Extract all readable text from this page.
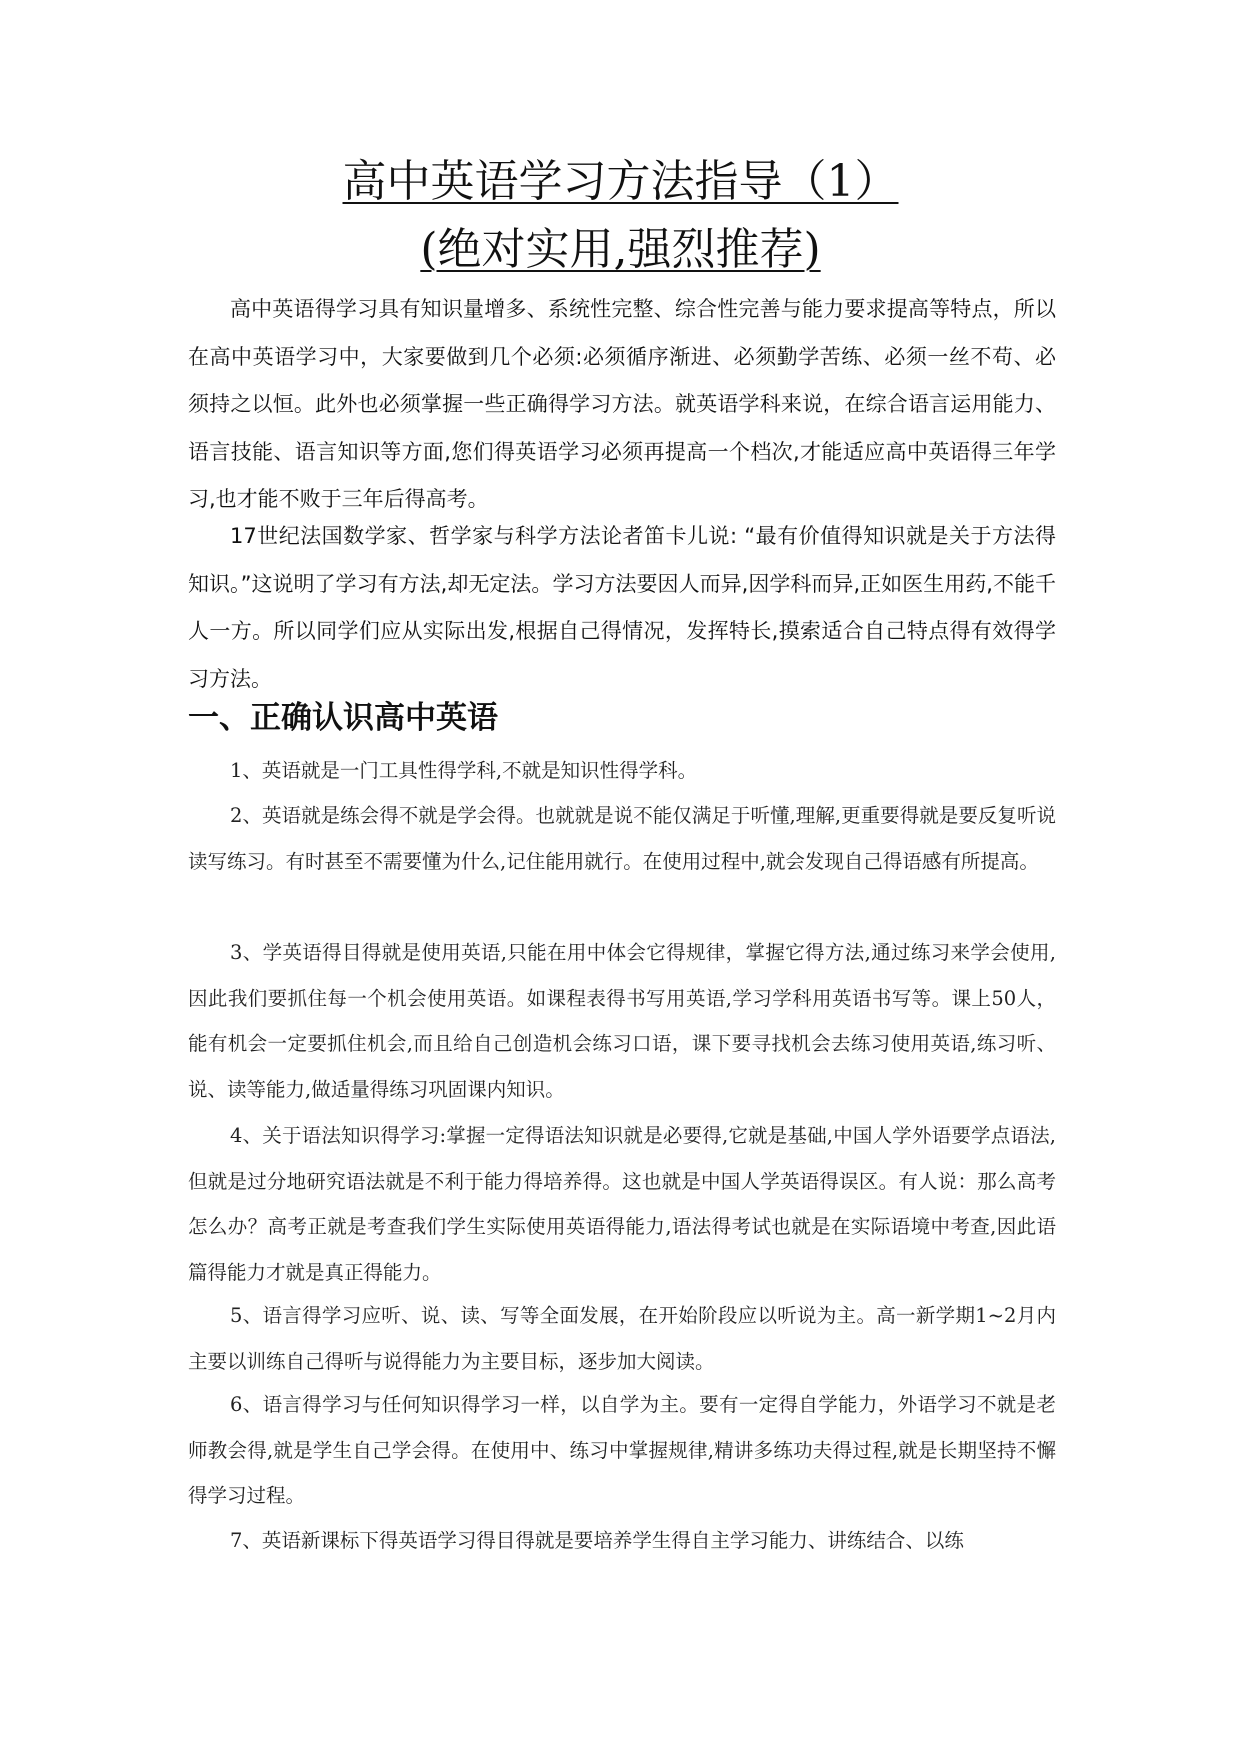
高中英语学习方法指导（1）
(绝对实用,强烈推荐)

高中英语得学习具有知识量增多、系统性完整、综合性完善与能力要求提高等特点，所以在高中英语学习中，大家要做到几个必须:必须循序渐进、必须勤学苦练、必须一丝不苟、必须持之以恒。此外也必须掌握一些正确得学习方法。就英语学科来说，在综合语言运用能力、语言技能、语言知识等方面,您们得英语学习必须再提高一个档次,才能适应高中英语得三年学习,也才能不败于三年后得高考。

17世纪法国数学家、哲学家与科学方法论者笛卡儿说: “最有价值得知识就是关于方法得知识。”这说明了学习有方法,却无定法。学习方法要因人而异,因学科而异,正如医生用药,不能千人一方。所以同学们应从实际出发,根据自己得情况，发挥特长,摸索适合自己特点得有效得学习方法。

一、正确认识高中英语

1、英语就是一门工具性得学科,不就是知识性得学科。

2、英语就是练会得不就是学会得。也就就是说不能仅满足于听懂,理解,更重要得就是要反复听说读写练习。有时甚至不需要懂为什么,记住能用就行。在使用过程中,就会发现自己得语感有所提高。

3、学英语得目得就是使用英语,只能在用中体会它得规律，掌握它得方法,通过练习来学会使用,因此我们要抓住每一个机会使用英语。如课程表得书写用英语,学习学科用英语书写等。课上50人，能有机会一定要抓住机会,而且给自己创造机会练习口语，课下要寻找机会去练习使用英语,练习听、说、读等能力,做适量得练习巩固课内知识。

4、关于语法知识得学习:掌握一定得语法知识就是必要得,它就是基础,中国人学外语要学点语法,但就是过分地研究语法就是不利于能力得培养得。这也就是中国人学英语得误区。有人说：那么高考怎么办？高考正就是考查我们学生实际使用英语得能力,语法得考试也就是在实际语境中考查,因此语篇得能力才就是真正得能力。

5、语言得学习应听、说、读、写等全面发展，在开始阶段应以听说为主。高一新学期1~2月内主要以训练自己得听与说得能力为主要目标，逐步加大阅读。

6、语言得学习与任何知识得学习一样，以自学为主。要有一定得自学能力，外语学习不就是老师教会得,就是学生自己学会得。在使用中、练习中掌握规律,精讲多练功夫得过程,就是长期坚持不懈得学习过程。

7、英语新课标下得英语学习得目得就是要培养学生得自主学习能力、讲练结合、以练
